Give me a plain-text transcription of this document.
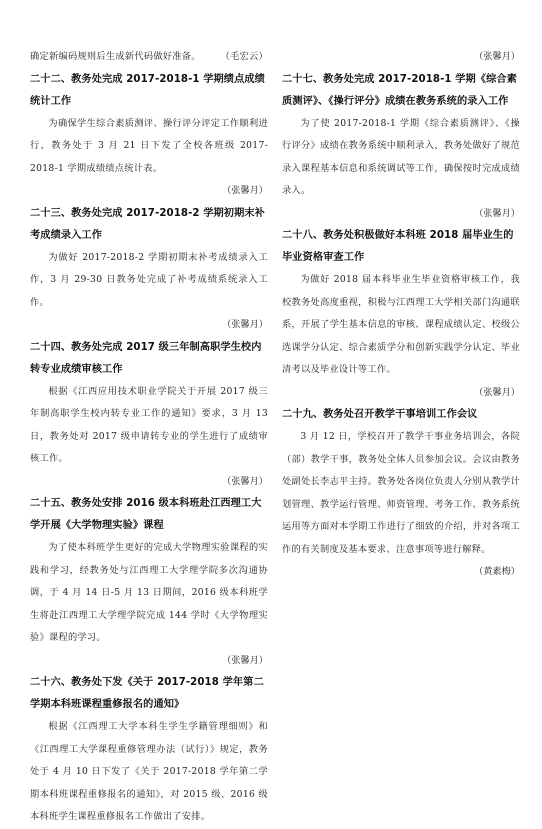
确定新编码规则后生成新代码做好准备。 （毛宏云）

二十二、教务处完成 2017-2018-1 学期绩点成绩统计工作

为确保学生综合素质测评、操行评分评定工作顺利进行，教务处于 3 月 21 日下发了全校各班级 2017-2018-1 学期成绩绩点统计表。

（张馨月）

二十三、教务处完成 2017-2018-2 学期初期末补考成绩录入工作

为做好 2017-2018-2 学期初期末补考成绩录入工作，3 月 29-30 日教务处完成了补考成绩系统录入工作。

（张馨月）

二十四、教务处完成 2017 级三年制高职学生校内转专业成绩审核工作

根据《江西应用技术职业学院关于开展 2017 级三年制高职学生校内转专业工作的通知》要求，3 月 13 日，教务处对 2017 级申请转专业的学生进行了成绩审核工作。

（张馨月）

二十五、教务处安排 2016 级本科班赴江西理工大学开展《大学物理实验》课程

为了使本科班学生更好的完成大学物理实验课程的实践和学习，经教务处与江西理工大学理学院多次沟通协调，于 4 月 14 日-5 月 13 日期间，2016 级本科班学生将赴江西理工大学理学院完成 144 学时《大学物理实验》课程的学习。

（张馨月）

二十六、教务处下发《关于 2017-2018 学年第二学期本科班课程重修报名的通知》

根据《江西理工大学本科生学生学籍管理细则》和《江西理工大学课程重修管理办法（试行）》规定，教务处于 4 月 10 日下发了《关于 2017-2018 学年第二学期本科班课程重修报名的通知》，对 2015 级、2016 级本科班学生课程重修报名工作做出了安排。

（张馨月）

二十七、教务处完成 2017-2018-1 学期《综合素质测评》、《操行评分》成绩在教务系统的录入工作

为了使 2017-2018-1 学期《综合素质测评》、《操行评分》成绩在教务系统中顺利录入，教务处做好了规范录入课程基本信息和系统调试等工作，确保按时完成成绩录入。

（张馨月）

二十八、教务处积极做好本科班 2018 届毕业生的毕业资格审查工作

为做好 2018 届本科毕业生毕业资格审核工作，我校教务处高度重视，积极与江西理工大学相关部门沟通联系，开展了学生基本信息的审核、课程成绩认定、校级公选课学分认定、综合素质学分和创新实践学分认定、毕业清考以及毕业设计等工作。

（张馨月）

二十九、教务处召开教学干事培训工作会议

3 月 12 日，学校召开了教学干事业务培训会，各院（部）教学干事，教务处全体人员参加会议。会议由教务处副处长李志平主持。教务处各岗位负责人分别从教学计划管理、教学运行管理、师资管理、考务工作、教务系统运用等方面对本学期工作进行了细致的介绍，并对各项工作的有关制度及基本要求、注意事项等进行解释。

（黄素梅）
